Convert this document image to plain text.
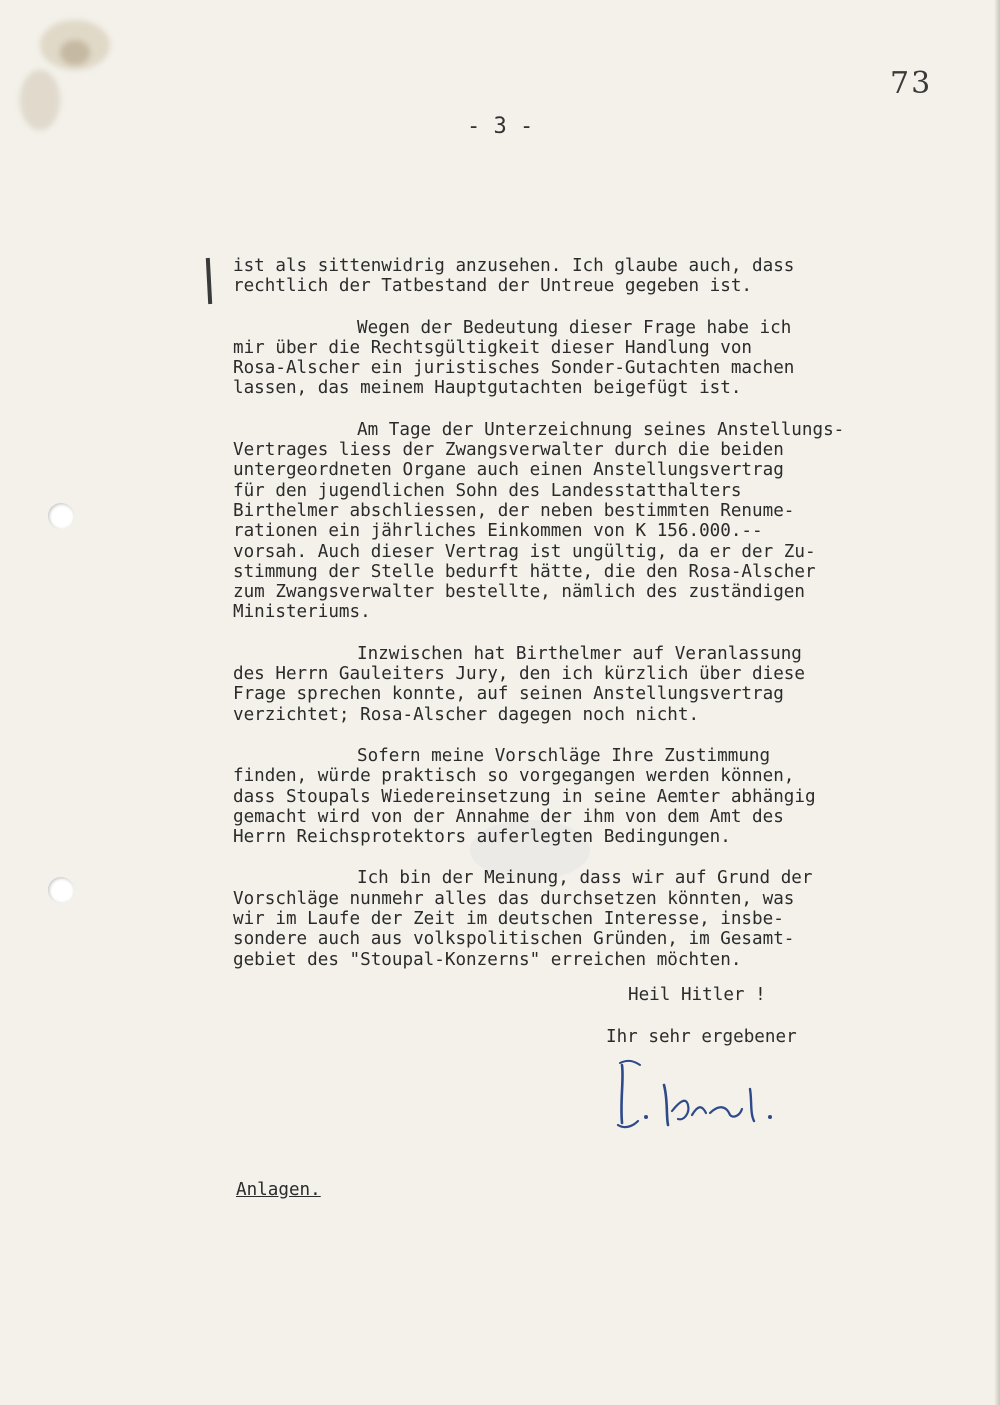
73
- 3 -
ist als sittenwidrig anzusehen. Ich glaube auch, dass
rechtlich der Tatbestand der Untreue gegeben ist.
Wegen der Bedeutung dieser Frage habe ich
mir über die Rechtsgültigkeit dieser Handlung von
Rosa-Alscher ein juristisches Sonder-Gutachten machen
lassen, das meinem Hauptgutachten beigefügt ist.
Am Tage der Unterzeichnung seines Anstellungs-
Vertrages liess der Zwangsverwalter durch die beiden
untergeordneten Organe auch einen Anstellungsvertrag
für den jugendlichen Sohn des Landesstatthalters
Birthelmer abschliessen, der neben bestimmten Renume-
rationen ein jährliches Einkommen von K 156.000.--
vorsah. Auch dieser Vertrag ist ungültig, da er der Zu-
stimmung der Stelle bedurft hätte, die den Rosa-Alscher
zum Zwangsverwalter bestellte, nämlich des zuständigen
Ministeriums.
Inzwischen hat Birthelmer auf Veranlassung
des Herrn Gauleiters Jury, den ich kürzlich über diese
Frage sprechen konnte, auf seinen Anstellungsvertrag
verzichtet; Rosa-Alscher dagegen noch nicht.
Sofern meine Vorschläge Ihre Zustimmung
finden, würde praktisch so vorgegangen werden können,
dass Stoupals Wiedereinsetzung in seine Aemter abhängig
gemacht wird von der Annahme der ihm von dem Amt des
Herrn Reichsprotektors auferlegten Bedingungen.
Ich bin der Meinung, dass wir auf Grund der
Vorschläge nunmehr alles das durchsetzen könnten, was
wir im Laufe der Zeit im deutschen Interesse, insbe-
sondere auch aus volkspolitischen Gründen, im Gesamt-
gebiet des "Stoupal-Konzerns" erreichen möchten.
Heil Hitler !
Ihr sehr ergebener
Anlagen.
